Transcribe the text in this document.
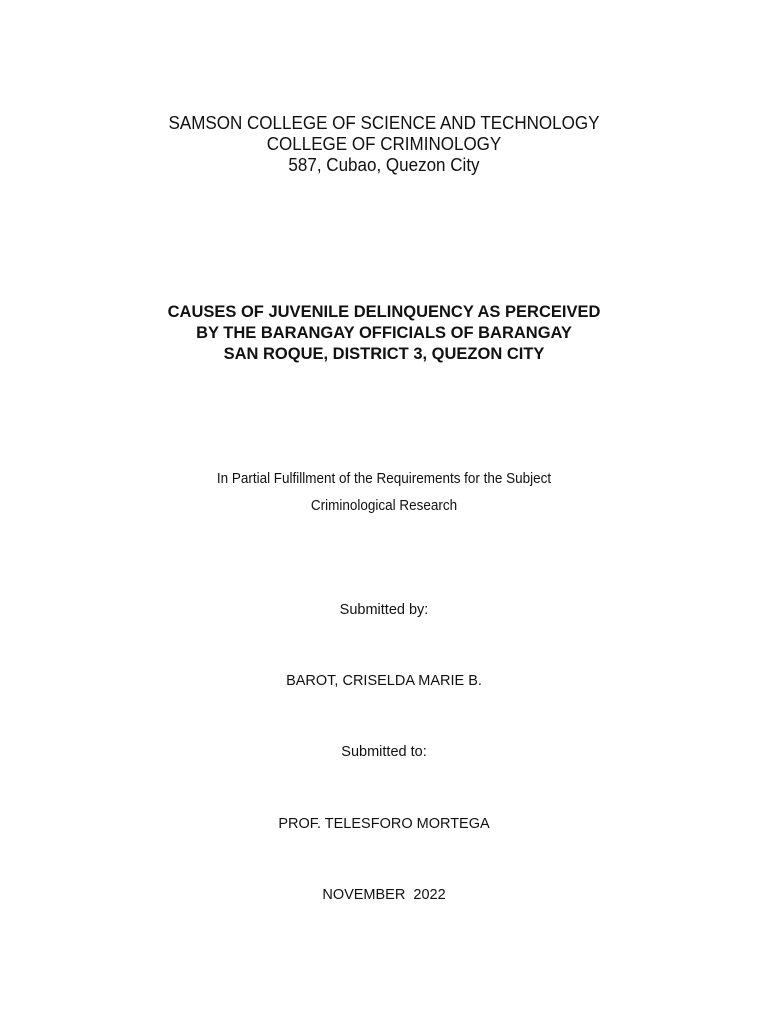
SAMSON COLLEGE OF SCIENCE AND TECHNOLOGY
COLLEGE OF CRIMINOLOGY
587, Cubao, Quezon City
CAUSES OF JUVENILE DELINQUENCY AS PERCEIVED
BY THE BARANGAY OFFICIALS OF BARANGAY
SAN ROQUE, DISTRICT 3, QUEZON CITY
In Partial Fulfillment of the Requirements for the Subject
Criminological Research
Submitted by:
BAROT, CRISELDA MARIE B.
Submitted to:
PROF. TELESFORO MORTEGA
NOVEMBER  2022
